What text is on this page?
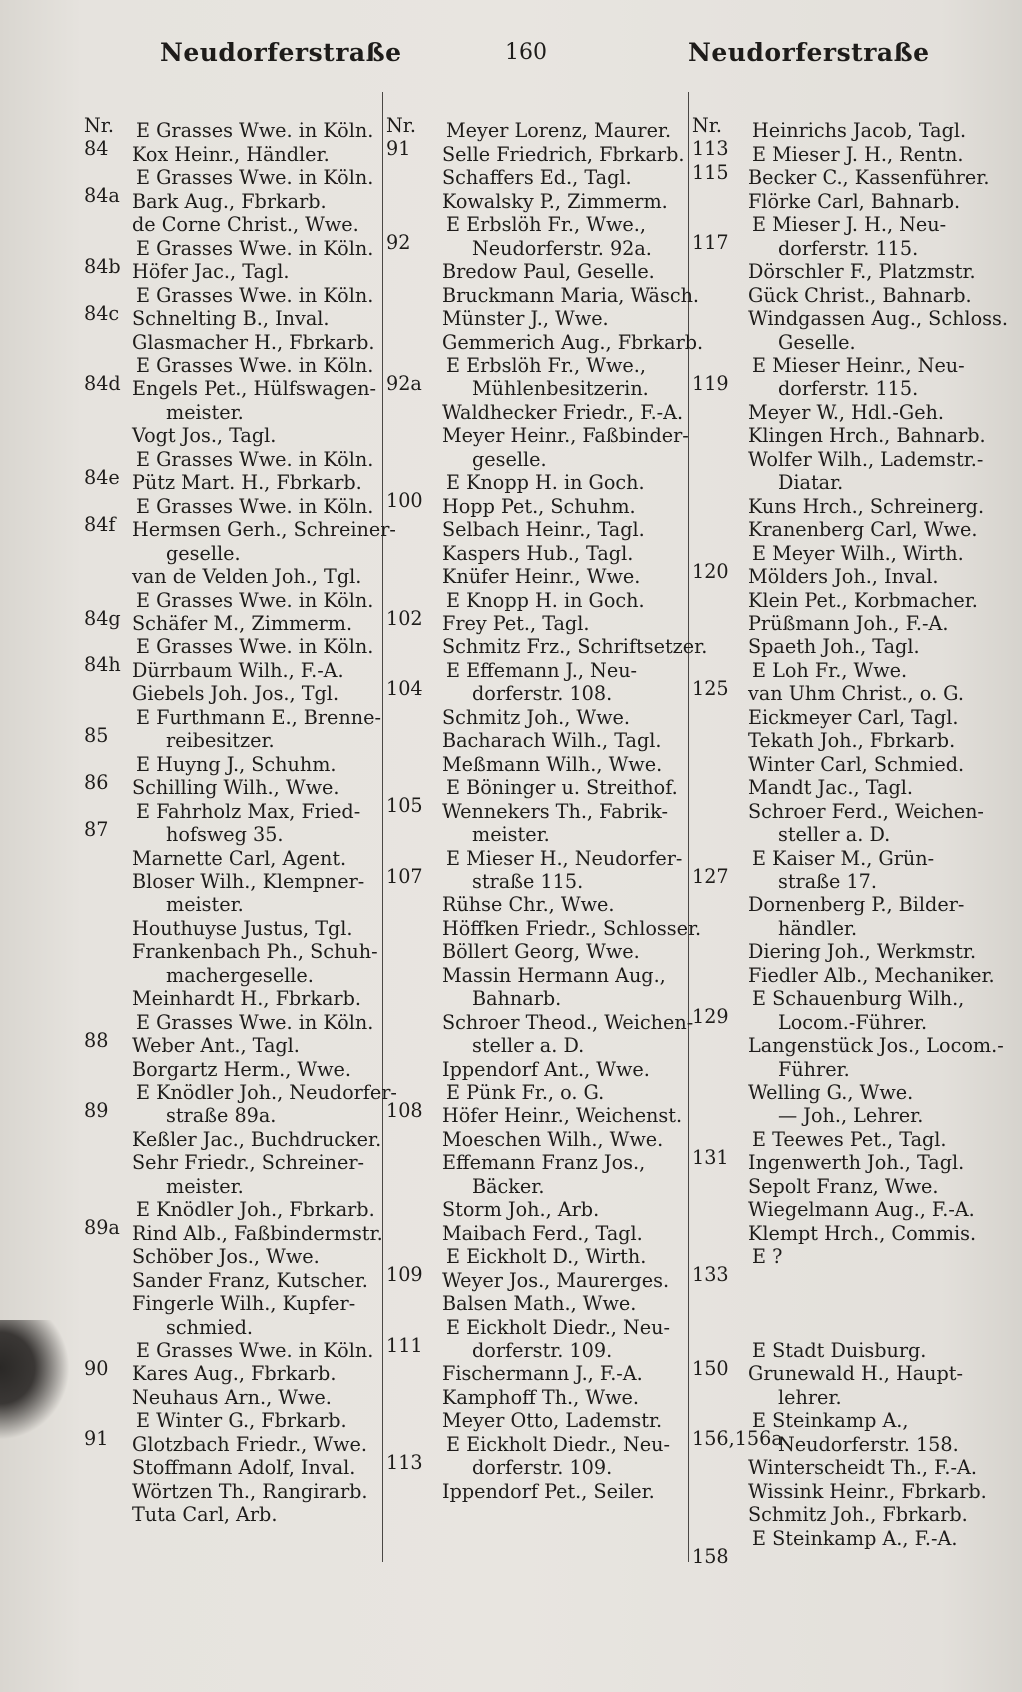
Neudorferstraße	160	Neudorferstraße
Nr.
84
E Grasses Wwe. in Köln.
Kox Heinr., Händler.
84a
E Grasses Wwe. in Köln.
Bark Aug., Fbrkarb.
de Corne Christ., Wwe.
84b
E Grasses Wwe. in Köln.
Höfer Jac., Tagl.
84c
E Grasses Wwe. in Köln.
Schnelting B., Inval.
Glasmacher H., Fbrkarb.
84d
E Grasses Wwe. in Köln.
Engels Pet., Hülfswagen-
meister.
Vogt Jos., Tagl.
84e
E Grasses Wwe. in Köln.
Pütz Mart. H., Fbrkarb.
84f
E Grasses Wwe. in Köln.
Hermsen Gerh., Schreiner-
geselle.
van de Velden Joh., Tgl.
84g
E Grasses Wwe. in Köln.
Schäfer M., Zimmerm.
84h
E Grasses Wwe. in Köln.
Dürrbaum Wilh., F.-A.
Giebels Joh. Jos., Tgl.
85
E Furthmann E., Brenne-
reibesitzer.
86
E Huyng J., Schuhm.
Schilling Wilh., Wwe.
87
E Fahrholz Max, Fried-
hofsweg 35.
Marnette Carl, Agent.
Bloser Wilh., Klempner-
meister.
Houthuyse Justus, Tgl.
Frankenbach Ph., Schuh-
machergeselle.
Meinhardt H., Fbrkarb.
88
E Grasses Wwe. in Köln.
Weber Ant., Tagl.
Borgartz Herm., Wwe.
89
E Knödler Joh., Neudorfer-
straße 89a.
Keßler Jac., Buchdrucker.
Sehr Friedr., Schreiner-
meister.
89a
E Knödler Joh., Fbrkarb.
Rind Alb., Faßbindermstr.
Schöber Jos., Wwe.
Sander Franz, Kutscher.
Fingerle Wilh., Kupfer-
schmied.
90
E Grasses Wwe. in Köln.
Kares Aug., Fbrkarb.
Neuhaus Arn., Wwe.
91
E Winter G., Fbrkarb.
Glotzbach Friedr., Wwe.
Stoffmann Adolf, Inval.
Wörtzen Th., Rangirarb.
Tuta Carl, Arb.
Nr.
91
Meyer Lorenz, Maurer.
Selle Friedrich, Fbrkarb.
Schaffers Ed., Tagl.
Kowalsky P., Zimmerm.
92
E Erbslöh Fr., Wwe.,
Neudorferstr. 92a.
Bredow Paul, Geselle.
Bruckmann Maria, Wäsch.
Münster J., Wwe.
Gemmerich Aug., Fbrkarb.
92a
E Erbslöh Fr., Wwe.,
Mühlenbesitzerin.
Waldhecker Friedr., F.-A.
Meyer Heinr., Faßbinder-
geselle.
100
E Knopp H. in Goch.
Hopp Pet., Schuhm.
Selbach Heinr., Tagl.
Kaspers Hub., Tagl.
Knüfer Heinr., Wwe.
102
E Knopp H. in Goch.
Frey Pet., Tagl.
Schmitz Frz., Schriftsetzer.
104
E Effemann J., Neu-
dorferstr. 108.
Schmitz Joh., Wwe.
Bacharach Wilh., Tagl.
Meßmann Wilh., Wwe.
105
E Böninger u. Streithof.
Wennekers Th., Fabrik-
meister.
107
E Mieser H., Neudorfer-
straße 115.
Rühse Chr., Wwe.
Höffken Friedr., Schlosser.
Böllert Georg, Wwe.
Massin Hermann Aug.,
Bahnarb.
Schroer Theod., Weichen-
steller a. D.
Ippendorf Ant., Wwe.
108
E Pünk Fr., o. G.
Höfer Heinr., Weichenst.
Moeschen Wilh., Wwe.
Effemann Franz Jos.,
Bäcker.
Storm Joh., Arb.
Maibach Ferd., Tagl.
109
E Eickholt D., Wirth.
Weyer Jos., Maurerges.
Balsen Math., Wwe.
111
E Eickholt Diedr., Neu-
dorferstr. 109.
Fischermann J., F.-A.
Kamphoff Th., Wwe.
Meyer Otto, Lademstr.
113
E Eickholt Diedr., Neu-
dorferstr. 109.
Ippendorf Pet., Seiler.
Nr.
113
Heinrichs Jacob, Tagl.
115
E Mieser J. H., Rentn.
Becker C., Kassenführer.
Flörke Carl, Bahnarb.
117
E Mieser J. H., Neu-
dorferstr. 115.
Dörschler F., Platzmstr.
Gück Christ., Bahnarb.
Windgassen Aug., Schloss.
Geselle.
119
E Mieser Heinr., Neu-
dorferstr. 115.
Meyer W., Hdl.-Geh.
Klingen Hrch., Bahnarb.
Wolfer Wilh., Lademstr.-
Diatar.
Kuns Hrch., Schreinerg.
Kranenberg Carl, Wwe.
120
E Meyer Wilh., Wirth.
Mölders Joh., Inval.
Klein Pet., Korbmacher.
Prüßmann Joh., F.-A.
Spaeth Joh., Tagl.
125
E Loh Fr., Wwe.
van Uhm Christ., o. G.
Eickmeyer Carl, Tagl.
Tekath Joh., Fbrkarb.
Winter Carl, Schmied.
Mandt Jac., Tagl.
Schroer Ferd., Weichen-
steller a. D.
127
E Kaiser M., Grün-
straße 17.
Dornenberg P., Bilder-
händler.
Diering Joh., Werkmstr.
Fiedler Alb., Mechaniker.
129
E Schauenburg Wilh.,
Locom.-Führer.
Langenstück Jos., Locom.-
Führer.
Welling G., Wwe.
— Joh., Lehrer.
131
E Teewes Pet., Tagl.
Ingenwerth Joh., Tagl.
Sepolt Franz, Wwe.
Wiegelmann Aug., F.-A.
Klempt Hrch., Commis.
133
E ?
150
E Stadt Duisburg.
Grunewald H., Haupt-
lehrer.
156,156a
E Steinkamp A.,
Neudorferstr. 158.
Winterscheidt Th., F.-A.
Wissink Heinr., Fbrkarb.
Schmitz Joh., Fbrkarb.
158
E Steinkamp A., F.-A.
